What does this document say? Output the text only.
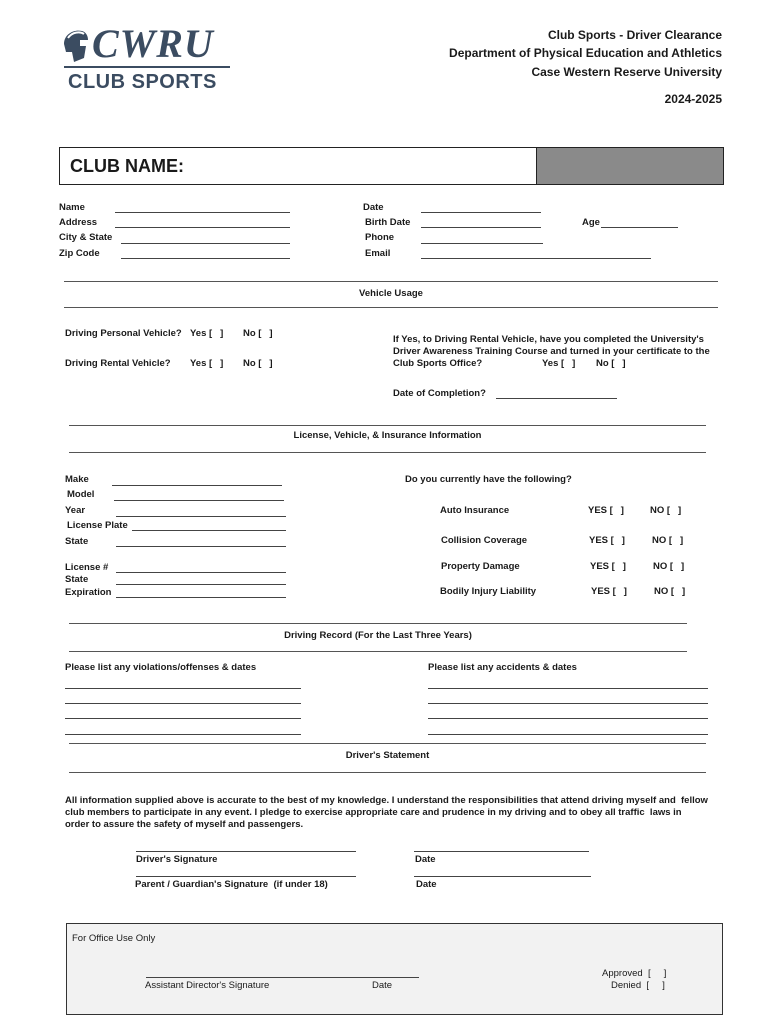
CWRU
CLUB SPORTS
Club Sports - Driver Clearance
Department of Physical Education and Athletics
Case Western Reserve University
2024-2025
CLUB NAME:
Name
Address
City & State
Zip Code
Date
Birth Date	Age
Phone
Email
Vehicle Usage
Driving Personal Vehicle? Yes [   ] No [   ]
Driving Rental Vehicle? Yes [   ] No [   ]
If Yes, to Driving Rental Vehicle, have you completed the University's
Driver Awareness Training Course and turned in your certificate to the
Club Sports Office?	Yes [   ] No [   ]
Date of Completion?
License, Vehicle, & Insurance Information
Make
Model
Year
License Plate
State
License #
State
Expiration
Do you currently have the following?
Auto Insurance	YES [   ]	NO [   ]
Collision Coverage	YES [   ]	NO [   ]
Property Damage	YES [   ]	NO [   ]
Bodily Injury Liability	YES [   ]	NO [   ]
Driving Record (For the Last Three Years)
Please list any violations/offenses & dates	Please list any accidents & dates
Driver's Statement
All information supplied above is accurate to the best of my knowledge. I understand the responsibilities that attend driving myself and  fellow
club members to participate in any event. I pledge to exercise appropriate care and prudence in my driving and to obey all traffic  laws in
order to assure the safety of myself and passengers.
Driver's Signature	Date
Parent / Guardian's Signature  (if under 18)	Date
For Office Use Only
Assistant Director's Signature	Date
Approved  [     ]
Denied  [     ]
